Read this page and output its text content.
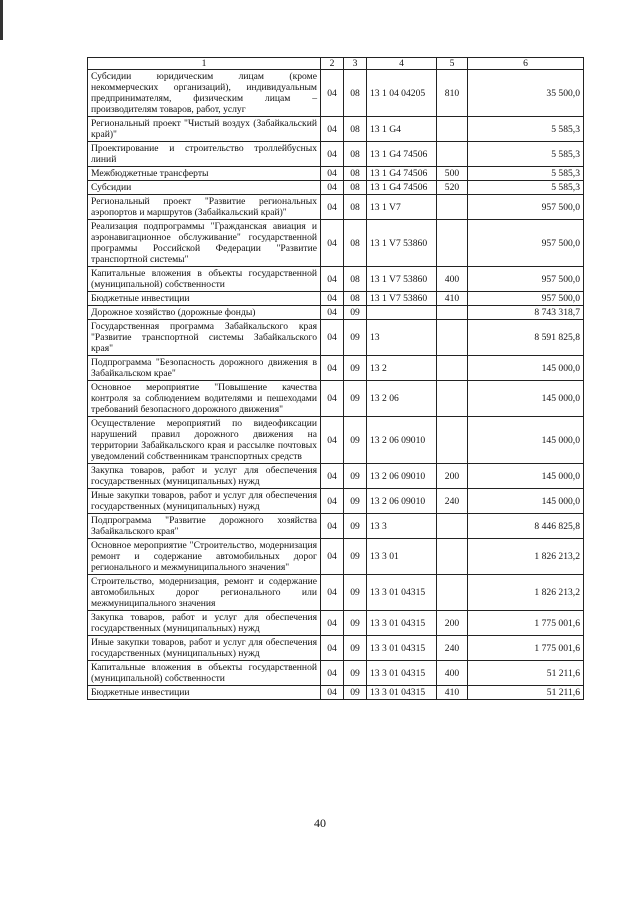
1	2	3	4	5	6
Субсидии юридическим лицам (кроме некоммерческих организаций), индивидуальным предпринимателям, физическим лицам – производителям товаров, работ, услуг	04	08	13 1 04 04205	810	35 500,0
Региональный проект "Чистый воздух (Забайкальский край)"	04	08	13 1 G4		5 585,3
Проектирование и строительство троллейбусных линий	04	08	13 1 G4 74506		5 585,3
Межбюджетные трансферты	04	08	13 1 G4 74506	500	5 585,3
Субсидии	04	08	13 1 G4 74506	520	5 585,3
Региональный проект "Развитие региональных аэропортов и маршрутов (Забайкальский край)"	04	08	13 1 V7		957 500,0
Реализация подпрограммы "Гражданская авиация и аэронавигационное обслуживание" государственной программы Российской Федерации "Развитие транспортной системы"	04	08	13 1 V7 53860		957 500,0
Капитальные вложения в объекты государственной (муниципальной) собственности	04	08	13 1 V7 53860	400	957 500,0
Бюджетные инвестиции	04	08	13 1 V7 53860	410	957 500,0
Дорожное хозяйство (дорожные фонды)	04	09			8 743 318,7
Государственная программа Забайкальского края "Развитие транспортной системы Забайкальского края"	04	09	13		8 591 825,8
Подпрограмма "Безопасность дорожного движения в Забайкальском крае"	04	09	13 2		145 000,0
Основное мероприятие "Повышение качества контроля за соблюдением водителями и пешеходами требований безопасного дорожного движения"	04	09	13 2 06		145 000,0
Осуществление мероприятий по видеофиксации нарушений правил дорожного движения на территории Забайкальского края и рассылке почтовых уведомлений собственникам транспортных средств	04	09	13 2 06 09010		145 000,0
Закупка товаров, работ и услуг для обеспечения государственных (муниципальных) нужд	04	09	13 2 06 09010	200	145 000,0
Иные закупки товаров, работ и услуг для обеспечения государственных (муниципальных) нужд	04	09	13 2 06 09010	240	145 000,0
Подпрограмма "Развитие дорожного хозяйства Забайкальского края"	04	09	13 3		8 446 825,8
Основное мероприятие "Строительство, модернизация ремонт и содержание автомобильных дорог регионального и межмуниципального значения"	04	09	13 3 01		1 826 213,2
Строительство, модернизация, ремонт и содержание автомобильных дорог регионального или межмуниципального значения	04	09	13 3 01 04315		1 826 213,2
Закупка товаров, работ и услуг для обеспечения государственных (муниципальных) нужд	04	09	13 3 01 04315	200	1 775 001,6
Иные закупки товаров, работ и услуг для обеспечения государственных (муниципальных) нужд	04	09	13 3 01 04315	240	1 775 001,6
Капитальные вложения в объекты государственной (муниципальной) собственности	04	09	13 3 01 04315	400	51 211,6
Бюджетные инвестиции	04	09	13 3 01 04315	410	51 211,6
40
